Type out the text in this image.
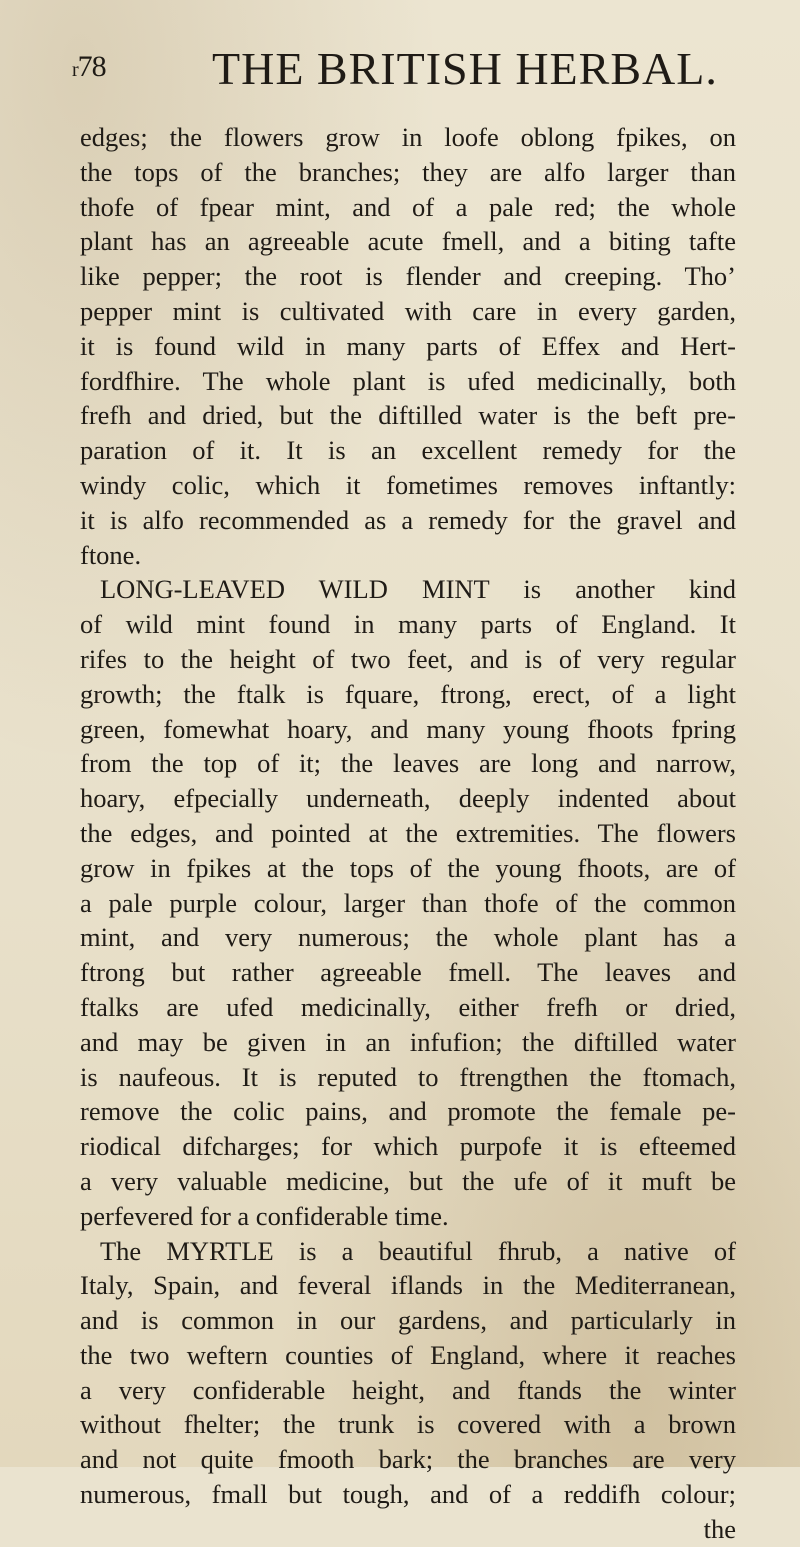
r78 THE BRITISH HERBAL.
edges; the flowers grow in loofe oblong fpikes, on
the tops of the branches; they are alfo larger than
thofe of fpear mint, and of a pale red; the whole
plant has an agreeable acute fmell, and a biting tafte
like pepper; the root is flender and creeping. Tho’
pepper mint is cultivated with care in every garden,
it is found wild in many parts of Effex and Hert-
fordfhire. The whole plant is ufed medicinally, both
frefh and dried, but the diftilled water is the beft pre-
paration of it. It is an excellent remedy for the
windy colic, which it fometimes removes inftantly:
it is alfo recommended as a remedy for the gravel and
ftone.
LONG-LEAVED WILD MINT is another kind
of wild mint found in many parts of England. It
rifes to the height of two feet, and is of very regular
growth; the ftalk is fquare, ftrong, erect, of a light
green, fomewhat hoary, and many young fhoots fpring
from the top of it; the leaves are long and narrow,
hoary, efpecially underneath, deeply indented about
the edges, and pointed at the extremities. The flowers
grow in fpikes at the tops of the young fhoots, are of
a pale purple colour, larger than thofe of the common
mint, and very numerous; the whole plant has a
ftrong but rather agreeable fmell. The leaves and
ftalks are ufed medicinally, either frefh or dried,
and may be given in an infufion; the diftilled water
is naufeous. It is reputed to ftrengthen the ftomach,
remove the colic pains, and promote the female pe-
riodical difcharges; for which purpofe it is efteemed
a very valuable medicine, but the ufe of it muft be
perfevered for a confiderable time.
The MYRTLE is a beautiful fhrub, a native of
Italy, Spain, and feveral iflands in the Mediterranean,
and is common in our gardens, and particularly in
the two weftern counties of England, where it reaches
a very confiderable height, and ftands the winter
without fhelter; the trunk is covered with a brown
and not quite fmooth bark; the branches are very
numerous, fmall but tough, and of a reddifh colour;
the
